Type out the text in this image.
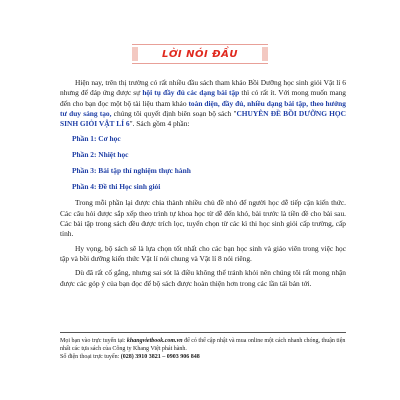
LỜI NÓI ĐẦU

Hiện nay, trên thị trường có rất nhiều đầu sách tham khảo Bồi Dưỡng học sinh giỏi Vật lí 6 nhưng để đáp ứng được sự hội tụ đầy đủ các dạng bài tập thì có rất ít. Với mong muốn mang đến cho bạn đọc một bộ tài liệu tham khảo toàn diện, đầy đủ, nhiều dạng bài tập, theo hướng tư duy sáng tạo, chúng tôi quyết định biên soạn bộ sách "CHUYÊN ĐỀ BỒI DƯỠNG HỌC SINH GIỎI VẬT LÍ 6". Sách gồm 4 phần:

Phần 1: Cơ học
Phần 2: Nhiệt học
Phần 3: Bài tập thí nghiệm thực hành
Phần 4: Đề thi Học sinh giỏi

Trong mỗi phần lại được chia thành nhiều chủ đề nhỏ để người học dễ tiếp cận kiến thức. Các câu hỏi được sắp xếp theo trình tự khoa học từ dễ đến khó, bài trước là tiền đề cho bài sau. Các bài tập trong sách đều được trích lọc, tuyển chọn từ các kì thi học sinh giỏi cấp trường, cấp tỉnh.

Hy vọng, bộ sách sẽ là lựa chọn tốt nhất cho các bạn học sinh và giáo viên trong việc học tập và bồi dưỡng kiến thức Vật lí nói chung và Vật lí 8 nói riêng.

Dù đã rất cố gắng, nhưng sai sót là điều không thể tránh khỏi nên chúng tôi rất mong nhận được các góp ý của bạn đọc để bộ sách được hoàn thiện hơn trong các lần tái bản tới.

Mọi bạn vào trực tuyến tại: khangvietbook.com.vn để có thể cập nhật và mua online một cách nhanh chóng, thuận tiện nhất các tựa sách của Công ty Khang Việt phát hành.

Số điện thoại trực tuyến: (028) 3910 3821 – 0903 906 848
